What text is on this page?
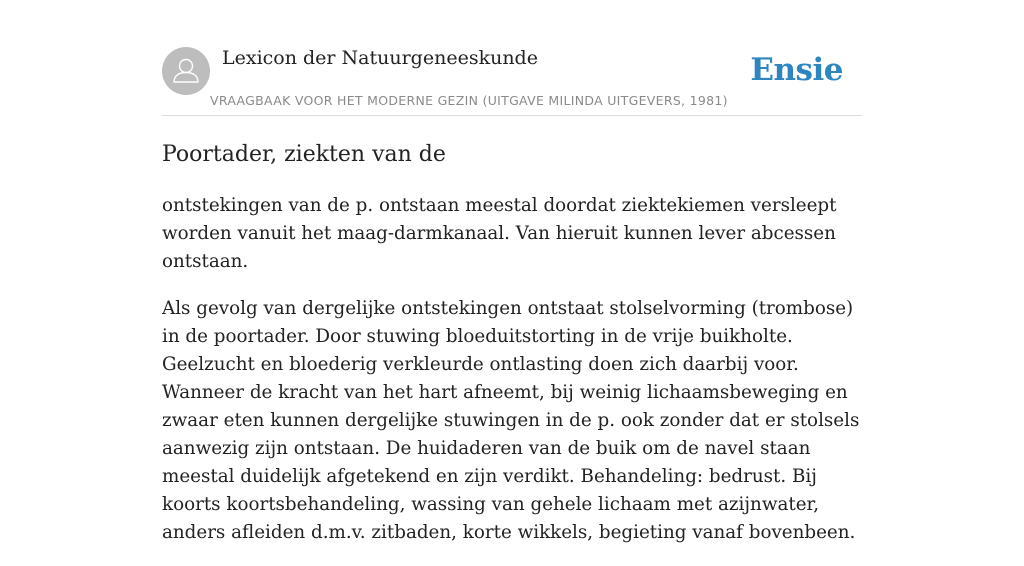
Lexicon der Natuurgeneeskunde
VRAAGBAAK VOOR HET MODERNE GEZIN (UITGAVE MILINDA UITGEVERS, 1981)
Ensie
Poortader, ziekten van de

ontstekingen van de p. ontstaan meestal doordat ziektekiemen versleept worden vanuit het maag-darmkanaal. Van hieruit kunnen lever abcessen ontstaan.

Als gevolg van dergelijke ontstekingen ontstaat stolselvorming (trombose) in de poortader. Door stuwing bloeduitstorting in de vrije buikholte. Geelzucht en bloederig verkleurde ontlasting doen zich daarbij voor. Wanneer de kracht van het hart afneemt, bij weinig lichaamsbeweging en zwaar eten kunnen dergelijke stuwingen in de p. ook zonder dat er stolsels aanwezig zijn ontstaan. De huidaderen van de buik om de navel staan meestal duidelijk afgetekend en zijn verdikt. Behandeling: bedrust. Bij koorts koortsbehandeling, wassing van gehele lichaam met azijnwater, anders afleiden d.m.v. zitbaden, korte wikkels, begieting vanaf bovenbeen.
